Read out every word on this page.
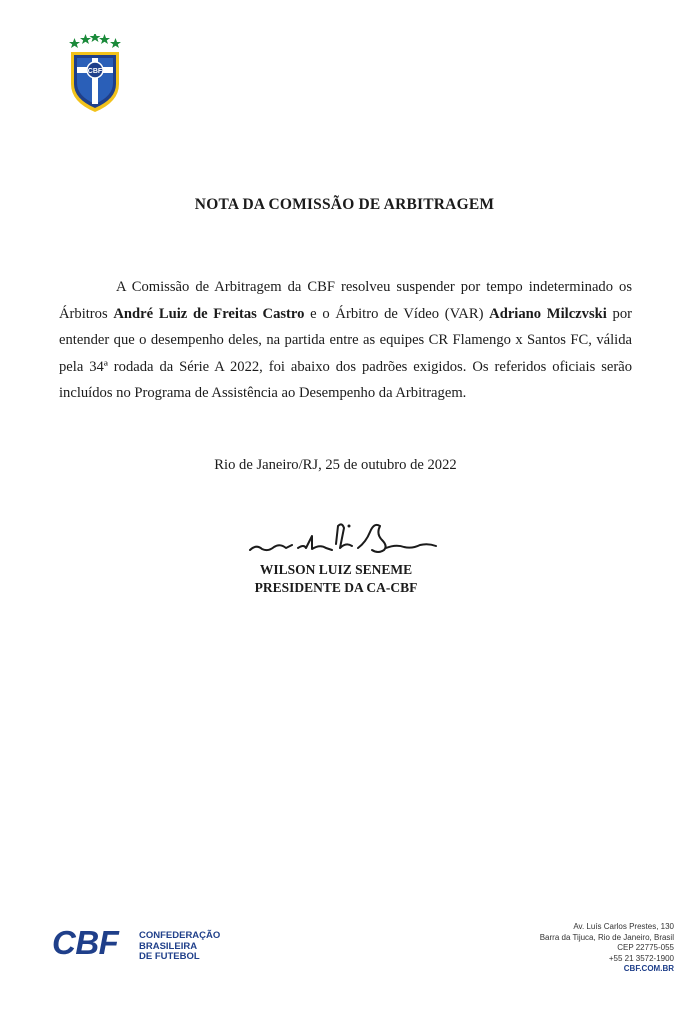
CBF
NOTA DA COMISSÃO DE ARBITRAGEM
A Comissão de Arbitragem da CBF resolveu suspender por tempo indeterminado os Árbitros André Luiz de Freitas Castro e o Árbitro de Vídeo (VAR) Adriano Milczvski por entender que o desempenho deles, na partida entre as equipes CR Flamengo x Santos FC, válida pela 34ª rodada da Série A 2022, foi abaixo dos padrões exigidos. Os referidos oficiais serão incluídos no Programa de Assistência ao Desempenho da Arbitragem.
Rio de Janeiro/RJ, 25 de outubro de 2022
WILSON LUIZ SENEME
PRESIDENTE DA CA-CBF
CBF CONFEDERAÇÃO
BRASILEIRA
DE FUTEBOL
Av. Luís Carlos Prestes, 130
Barra da Tijuca, Rio de Janeiro, Brasil
CEP 22775-055
+55 21 3572-1900
CBF.COM.BR
